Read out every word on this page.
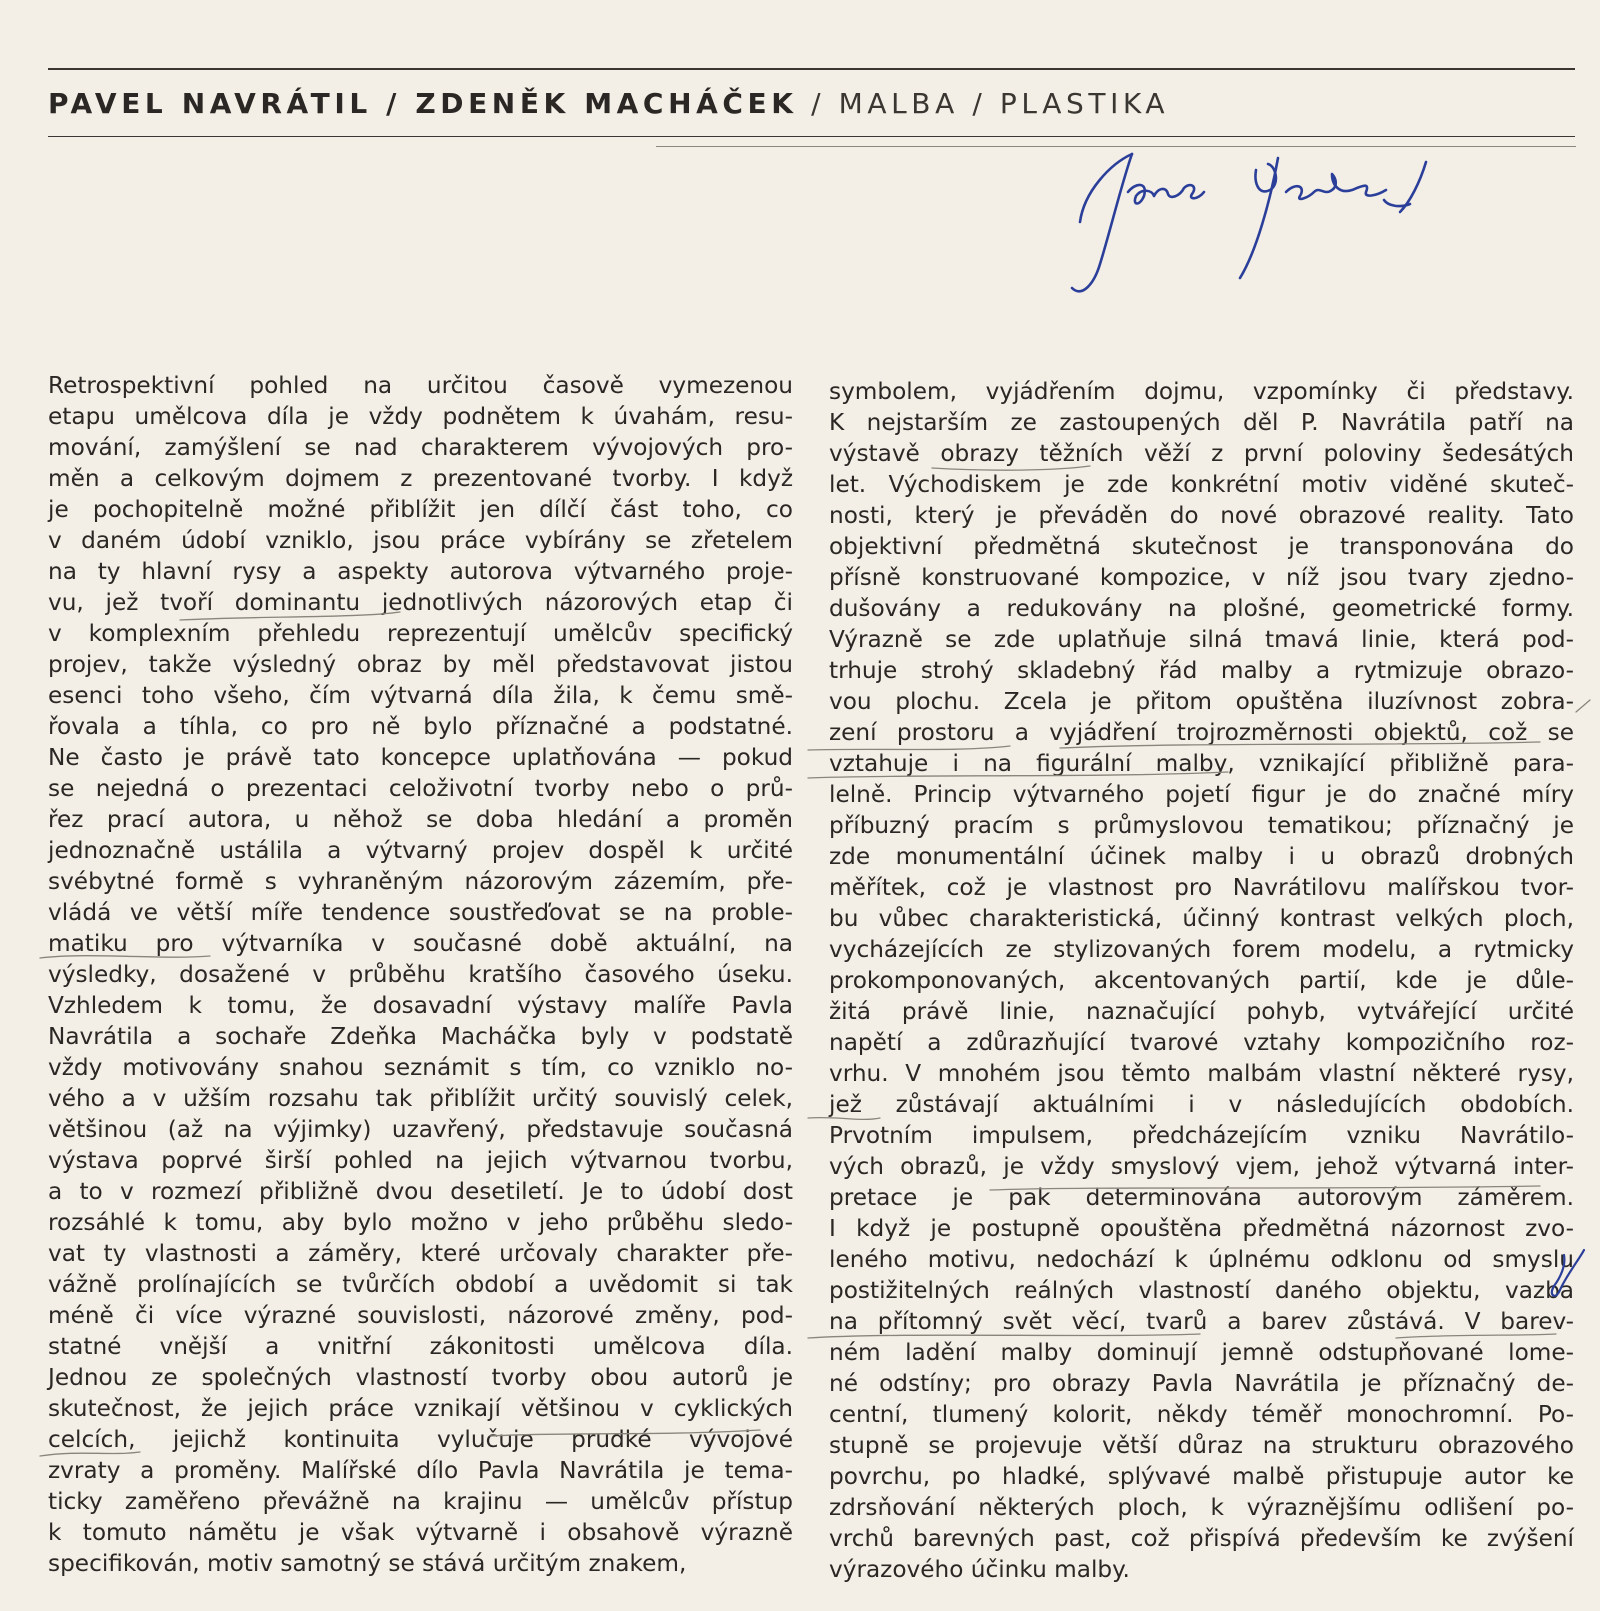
PAVEL NAVRÁTIL / ZDENĚK MACHÁČEK / MALBA / PLASTIKA
Retrospektivní pohled na určitou časově vymezenou
etapu umělcova díla je vždy podnětem k úvahám, resu-
mování, zamýšlení se nad charakterem vývojových pro-
měn a celkovým dojmem z prezentované tvorby. I když
je pochopitelně možné přiblížit jen dílčí část toho, co
v daném údobí vzniklo, jsou práce vybírány se zřetelem
na ty hlavní rysy a aspekty autorova výtvarného proje-
vu, jež tvoří dominantu jednotlivých názorových etap či
v komplexním přehledu reprezentují umělcův specifický
projev, takže výsledný obraz by měl představovat jistou
esenci toho všeho, čím výtvarná díla žila, k čemu smě-
řovala a tíhla, co pro ně bylo příznačné a podstatné.
Ne často je právě tato koncepce uplatňována — pokud
se nejedná o prezentaci celoživotní tvorby nebo o prů-
řez prací autora, u něhož se doba hledání a proměn
jednoznačně ustálila a výtvarný projev dospěl k určité
svébytné formě s vyhraněným názorovým zázemím, pře-
vládá ve větší míře tendence soustřeďovat se na proble-
matiku pro výtvarníka v současné době aktuální, na
výsledky, dosažené v průběhu kratšího časového úseku.
Vzhledem k tomu, že dosavadní výstavy malíře Pavla
Navrátila a sochaře Zdeňka Macháčka byly v podstatě
vždy motivovány snahou seznámit s tím, co vzniklo no-
vého a v užším rozsahu tak přiblížit určitý souvislý celek,
většinou (až na výjimky) uzavřený, představuje současná
výstava poprvé širší pohled na jejich výtvarnou tvorbu,
a to v rozmezí přibližně dvou desetiletí. Je to údobí dost
rozsáhlé k tomu, aby bylo možno v jeho průběhu sledo-
vat ty vlastnosti a záměry, které určovaly charakter pře-
vážně prolínajících se tvůrčích období a uvědomit si tak
méně či více výrazné souvislosti, názorové změny, pod-
statné vnější a vnitřní zákonitosti umělcova díla.
Jednou ze společných vlastností tvorby obou autorů je
skutečnost, že jejich práce vznikají většinou v cyklických
celcích, jejichž kontinuita vylučuje prudké vývojové
zvraty a proměny. Malířské dílo Pavla Navrátila je tema-
ticky zaměřeno převážně na krajinu — umělcův přístup
k tomuto námětu je však výtvarně i obsahově výrazně
specifikován, motiv samotný se stává určitým znakem,
symbolem, vyjádřením dojmu, vzpomínky či představy.
K nejstarším ze zastoupených děl P. Navrátila patří na
výstavě obrazy těžních věží z první poloviny šedesátých
let. Východiskem je zde konkrétní motiv viděné skuteč-
nosti, který je převáděn do nové obrazové reality. Tato
objektivní předmětná skutečnost je transponována do
přísně konstruované kompozice, v níž jsou tvary zjedno-
dušovány a redukovány na plošné, geometrické formy.
Výrazně se zde uplatňuje silná tmavá linie, která pod-
trhuje strohý skladebný řád malby a rytmizuje obrazo-
vou plochu. Zcela je přitom opuštěna iluzívnost zobra-
zení prostoru a vyjádření trojrozměrnosti objektů, což se
vztahuje i na figurální malby, vznikající přibližně para-
lelně. Princip výtvarného pojetí figur je do značné míry
příbuzný pracím s průmyslovou tematikou; příznačný je
zde monumentální účinek malby i u obrazů drobných
měřítek, což je vlastnost pro Navrátilovu malířskou tvor-
bu vůbec charakteristická, účinný kontrast velkých ploch,
vycházejících ze stylizovaných forem modelu, a rytmicky
prokomponovaných, akcentovaných partií, kde je důle-
žitá právě linie, naznačující pohyb, vytvářející určité
napětí a zdůrazňující tvarové vztahy kompozičního roz-
vrhu. V mnohém jsou těmto malbám vlastní některé rysy,
jež zůstávají aktuálními i v následujících obdobích.
Prvotním impulsem, předcházejícím vzniku Navrátilo-
vých obrazů, je vždy smyslový vjem, jehož výtvarná inter-
pretace je pak determinována autorovým záměrem.
I když je postupně opouštěna předmětná názornost zvo-
leného motivu, nedochází k úplnému odklonu od smyslu
postižitelných reálných vlastností daného objektu, vazba
na přítomný svět věcí, tvarů a barev zůstává. V barev-
ném ladění malby dominují jemně odstupňované lome-
né odstíny; pro obrazy Pavla Navrátila je příznačný de-
centní, tlumený kolorit, někdy téměř monochromní. Po-
stupně se projevuje větší důraz na strukturu obrazového
povrchu, po hladké, splývavé malbě přistupuje autor ke
zdrsňování některých ploch, k výraznějšímu odlišení po-
vrchů barevných past, což přispívá především ke zvýšení
výrazového účinku malby.
